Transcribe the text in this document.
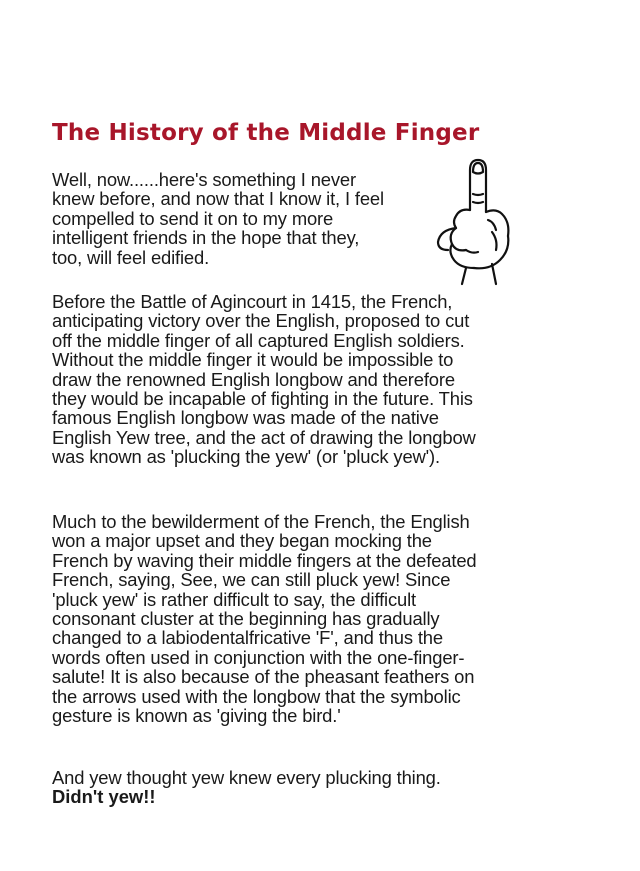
The History of the Middle Finger

Well, now......here's something I never
knew before, and now that I know it, I feel
compelled to send it on to my more
intelligent friends in the hope that they,
too, will feel edified.

Before the Battle of Agincourt in 1415, the French,
anticipating victory over the English, proposed to cut
off the middle finger of all captured English soldiers.
Without the middle finger it would be impossible to
draw the renowned English longbow and therefore
they would be incapable of fighting in the future. This
famous English longbow was made of the native
English Yew tree, and the act of drawing the longbow
was known as 'plucking the yew' (or 'pluck yew').

Much to the bewilderment of the French, the English
won a major upset and they began mocking the
French by waving their middle fingers at the defeated
French, saying, See, we can still pluck yew! Since
'pluck yew' is rather difficult to say, the difficult
consonant cluster at the beginning has gradually
changed to a labiodentalfricative 'F', and thus the
words often used in conjunction with the one-finger-
salute! It is also because of the pheasant feathers on
the arrows used with the longbow that the symbolic
gesture is known as 'giving the bird.'

And yew thought yew knew every plucking thing.

Didn't yew!!
